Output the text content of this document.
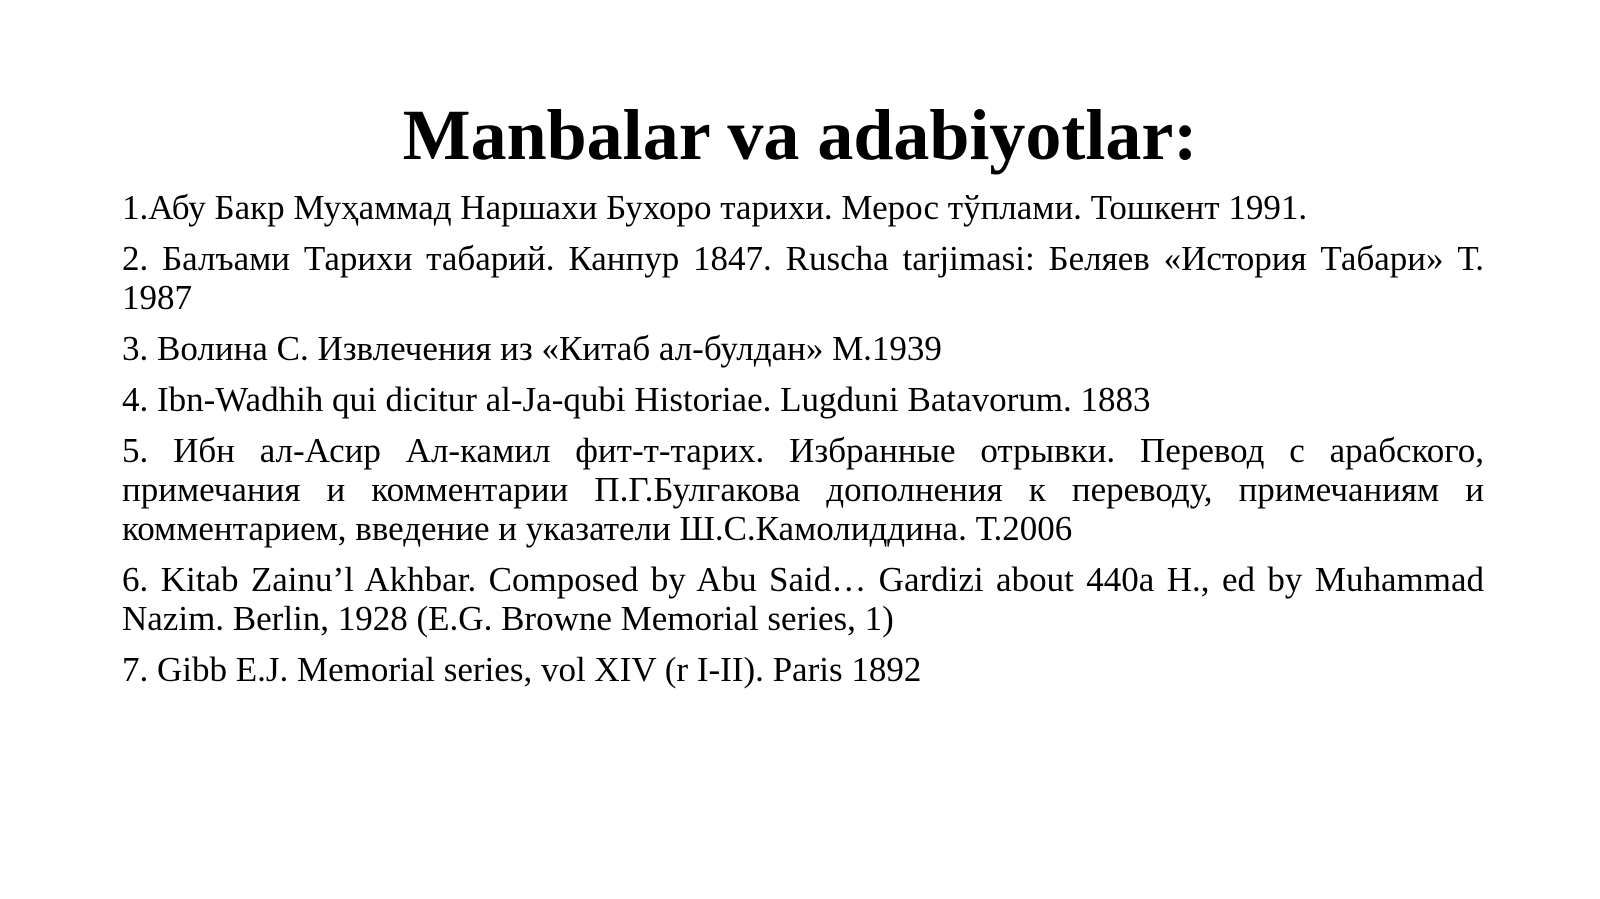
Manbalar va adabiyotlar:
1.Абу Бакр Муҳаммад Наршахи Бухоро тарихи. Мерос тўплами. Тошкент 1991.
2. Балъами Тарихи табарий. Канпур 1847. Ruscha tarjimasi: Беляев «История Табари» Т. 1987
3. Волина С. Извлечения из «Китаб ал-булдан» М.1939
4. Ibn-Wadhih qui dicitur al-Ja-qubi Historiae. Lugduni Batavorum. 1883
5. Ибн ал-Асир Ал-камил фит-т-тарих. Избранные отрывки. Перевод с арабского, примечания и комментарии П.Г.Булгакова дополнения к переводу, примечаниям и комментарием, введение и указатели Ш.С.Камолиддина. Т.2006
6. Kitab Zainu’l Akhbar. Composed by Abu Said… Gardizi about 440a H., ed by Muhammad Nazim. Berlin, 1928 (E.G. Browne Memorial series, 1)
7. Gibb E.J. Memorial series, vol XIV (r I-II). Paris 1892
